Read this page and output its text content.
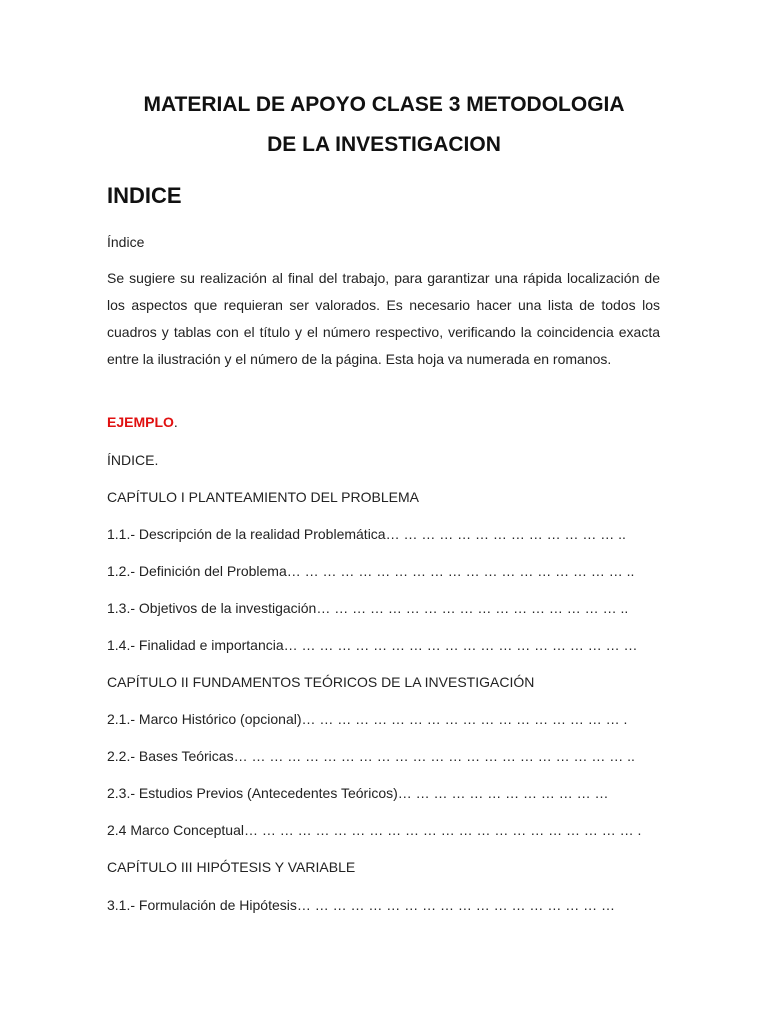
MATERIAL DE APOYO CLASE 3 METODOLOGIA
DE LA INVESTIGACION
INDICE

Índice

Se sugiere su realización al final del trabajo, para garantizar una rápida localización de los aspectos que requieran ser valorados. Es necesario hacer una lista de todos los cuadros y tablas con el título y el número respectivo, verificando la coincidencia exacta entre la ilustración y el número de la página. Esta hoja va numerada en romanos.

EJEMPLO.

ÍNDICE.

CAPÍTULO I PLANTEAMIENTO DEL PROBLEMA

1.1.- Descripción de la realidad Problemática… … … … … … … … … … … … … ..

1.2.- Definición del Problema… … … … … … … … … … … … … … … … … … … ..

1.3.- Objetivos de la investigación… … … … … … … … … … … … … … … … … ..

1.4.- Finalidad e importancia… … … … … … … … … … … … … … … … … … … …

CAPÍTULO II FUNDAMENTOS TEÓRICOS DE LA INVESTIGACIÓN

2.1.- Marco Histórico (opcional)… … … … … … … … … … … … … … … … … … .

2.2.- Bases Teóricas… … … … … … … … … … … … … … … … … … … … … … ..

2.3.- Estudios Previos (Antecedentes Teóricos)… … … … … … … … … … … …

2.4 Marco Conceptual… … … … … … … … … … … … … … … … … … … … … … .

CAPÍTULO III HIPÓTESIS Y VARIABLE

3.1.- Formulación de Hipótesis… … … … … … … … … … … … … … … … … …
